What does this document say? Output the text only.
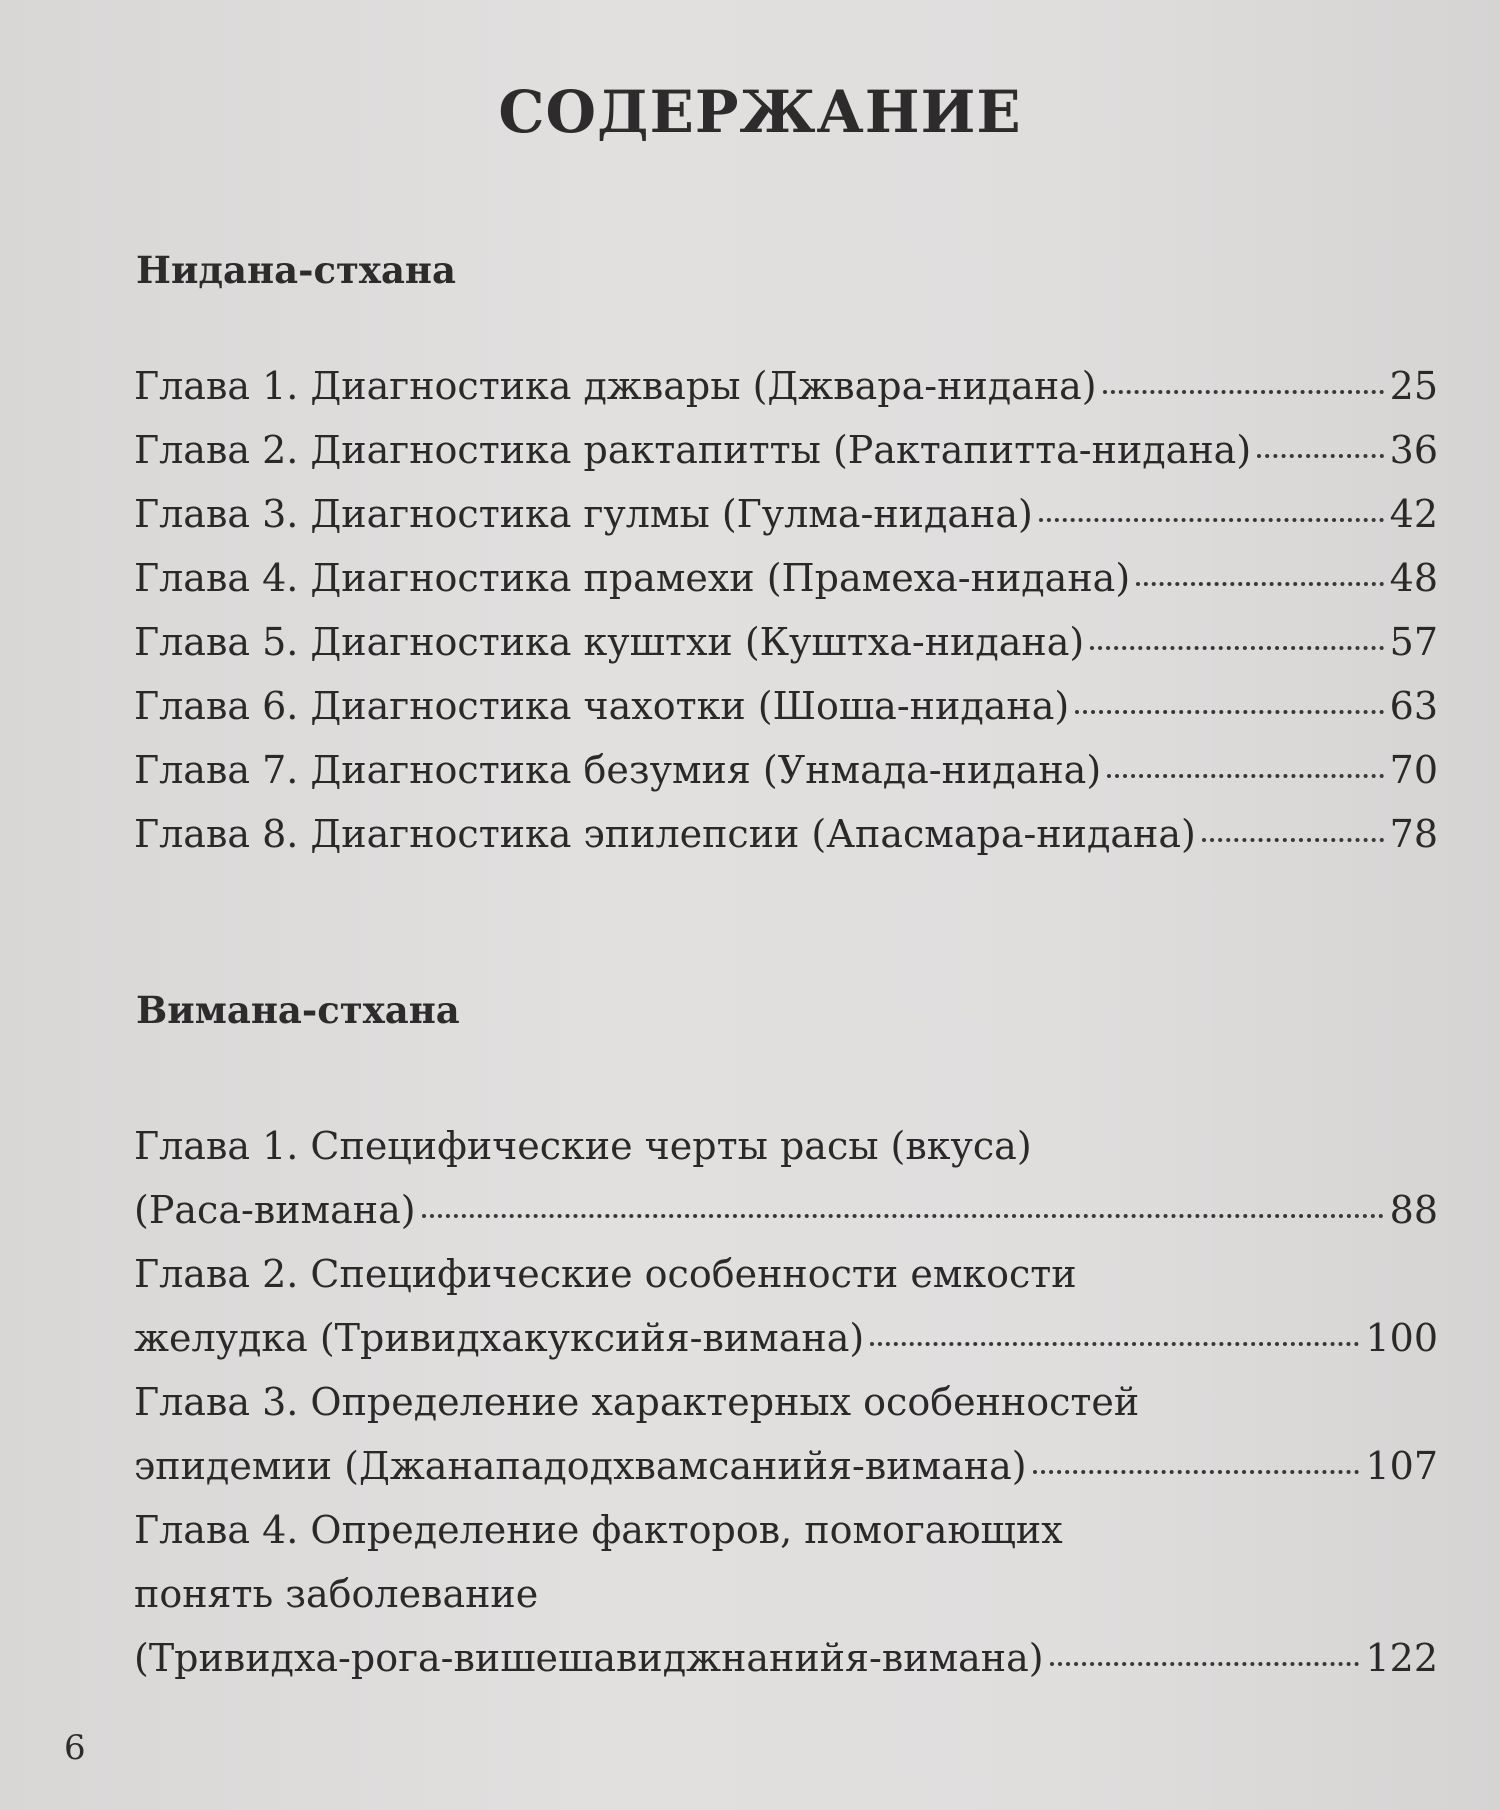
СОДЕРЖАНИЕ
Нидана-стхана
Глава 1. Диагностика джвары (Джвара-нидана)	25
Глава 2. Диагностика рактапитты (Рактапитта-нидана)	36
Глава 3. Диагностика гулмы (Гулма-нидана)	42
Глава 4. Диагностика прамехи (Прамеха-нидана)	48
Глава 5. Диагностика куштхи (Куштха-нидана)	57
Глава 6. Диагностика чахотки (Шоша-нидана)	63
Глава 7. Диагностика безумия (Унмада-нидана)	70
Глава 8. Диагностика эпилепсии (Апасмара-нидана)	78
Вимана-стхана
Глава 1. Специфические черты расы (вкуса)
(Раса-вимана)	88
Глава 2. Специфические особенности емкости
желудка (Тривидхакуксийя-вимана)	100
Глава 3. Определение характерных особенностей
эпидемии (Джанападодхвамсанийя-вимана)	107
Глава 4. Определение факторов, помогающих
понять заболевание
(Тривидха-рога-вишешавиджнанийя-вимана)	122
6
